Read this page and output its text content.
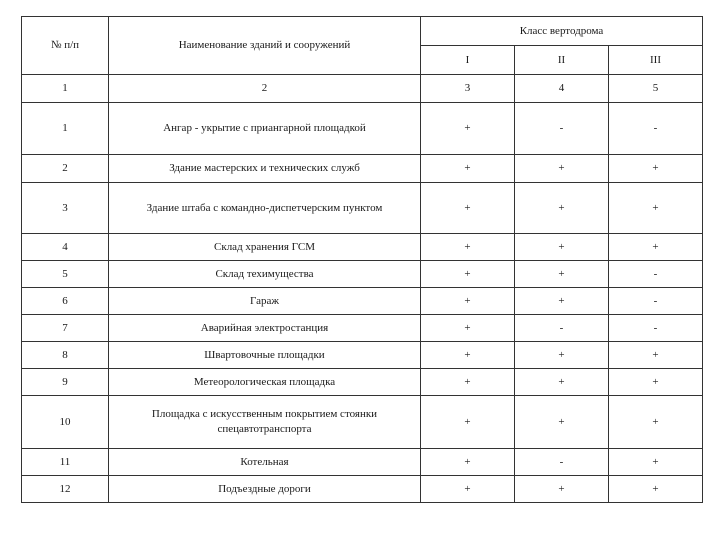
№ п/п	Наименование зданий и сооружений	Класс вертодрома		
		I	II	III
1	2	3	4	5
1	Ангар - укрытие с приангарной площадкой	+	-	-
2	Здание мастерских и технических служб	+	+	+
3	Здание штаба с командно-диспетчерским пунктом	+	+	+
4	Склад хранения ГСМ	+	+	+
5	Склад техимущества	+	+	-
6	Гараж	+	+	-
7	Аварийная электростанция	+	-	-
8	Швартовочные площадки	+	+	+
9	Метеорологическая площадка	+	+	+
10	Площадка с искусственным покрытием стоянки спецавтотранспорта	+	+	+
11	Котельная	+	-	+
12	Подъездные дороги	+	+	+
